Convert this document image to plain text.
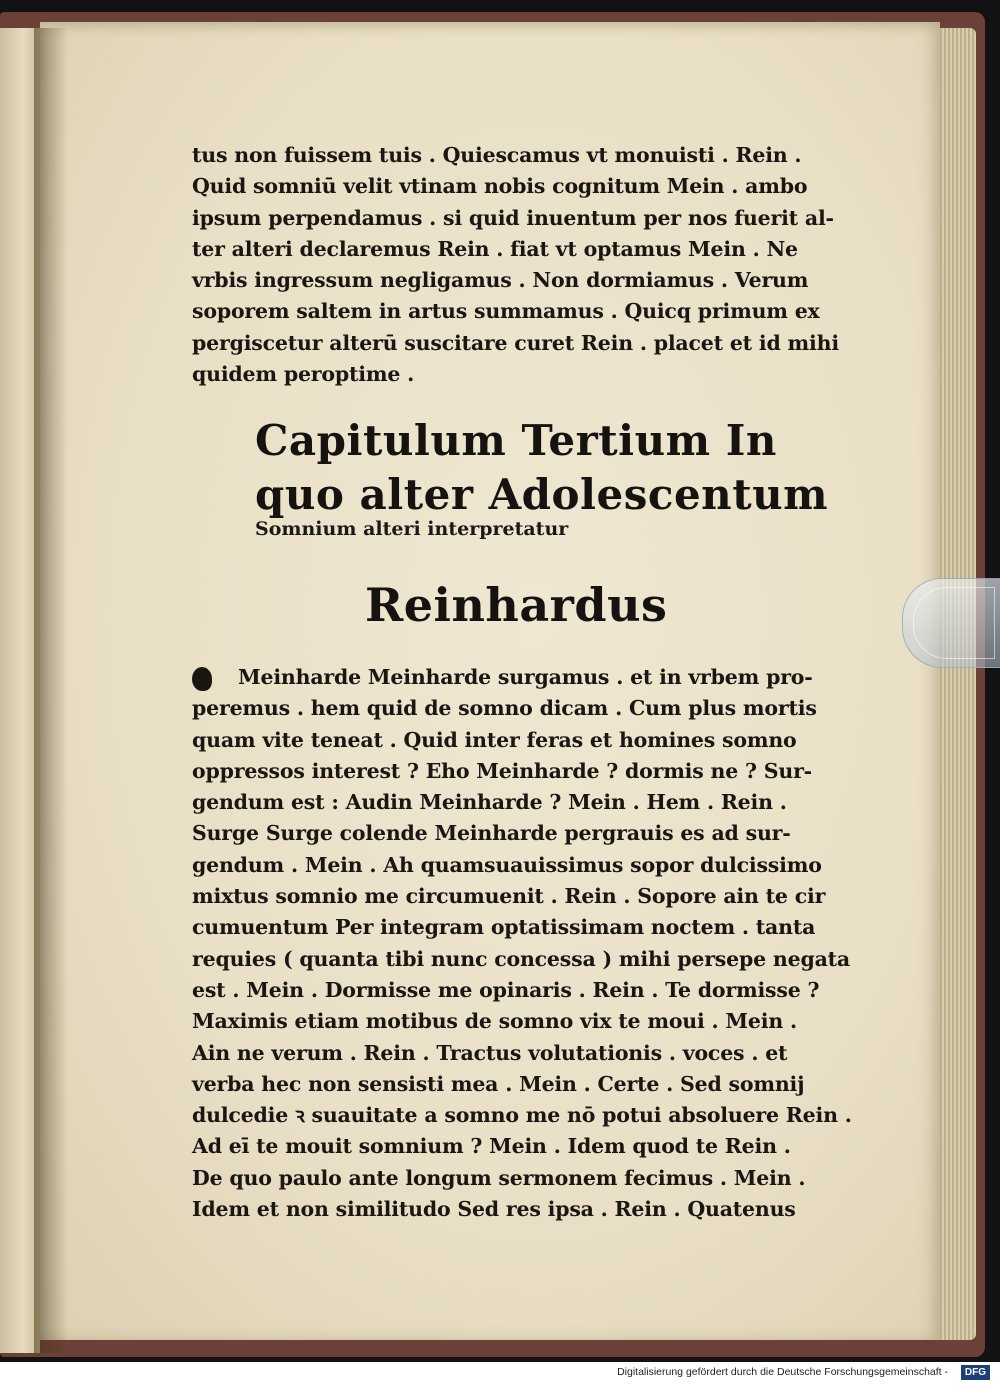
tus non fuissem tuis . Quiescamus vt monuisti . Rein .
Quid somniū velit vtinam nobis cognitum Mein . ambo
ipsum perpendamus . si quid inuentum per nos fuerit al-
ter alteri declaremus Rein . fiat vt optamus Mein . Ne
vrbis ingressum negligamus . Non dormiamus . Verum
soporem saltem in artus summamus . Quicq primum ex
pergiscetur alterū suscitare curet Rein . placet et id mihi
quidem peroptime .
Capitulum Tertium In
quo alter Adolescentum
Somnium alteri interpretatur
Reinhardus
Meinharde Meinharde surgamus . et in vrbem pro-
peremus . hem quid de somno dicam . Cum plus mortis
quam vite teneat . Quid inter feras et homines somno
oppressos interest ? Eho Meinharde ? dormis ne ? Sur-
gendum est : Audin Meinharde ? Mein . Hem . Rein .
Surge Surge colende Meinharde pergrauis es ad sur-
gendum . Mein . Ah quamsuauissimus sopor dulcissimo
mixtus somnio me circumuenit . Rein . Sopore ain te cir
cumuentum Per integram optatissimam noctem . tanta
requies ( quanta tibi nunc concessa ) mihi persepe negata
est . Mein . Dormisse me opinaris . Rein . Te dormisse ?
Maximis etiam motibus de somno vix te moui . Mein .
Ain ne verum . Rein . Tractus volutationis . voces . et
verba hec non sensisti mea . Mein . Certe . Sed somnij
dulcedie ꝛ suauitate a somno me nō potui absoluere Rein .
Ad eī te mouit somnium ? Mein . Idem quod te Rein .
De quo paulo ante longum sermonem fecimus . Mein .
Idem et non similitudo Sed res ipsa . Rein . Quatenus
Digitalisierung gefördert durch die Deutsche Forschungsgemeinschaft -	DFG
